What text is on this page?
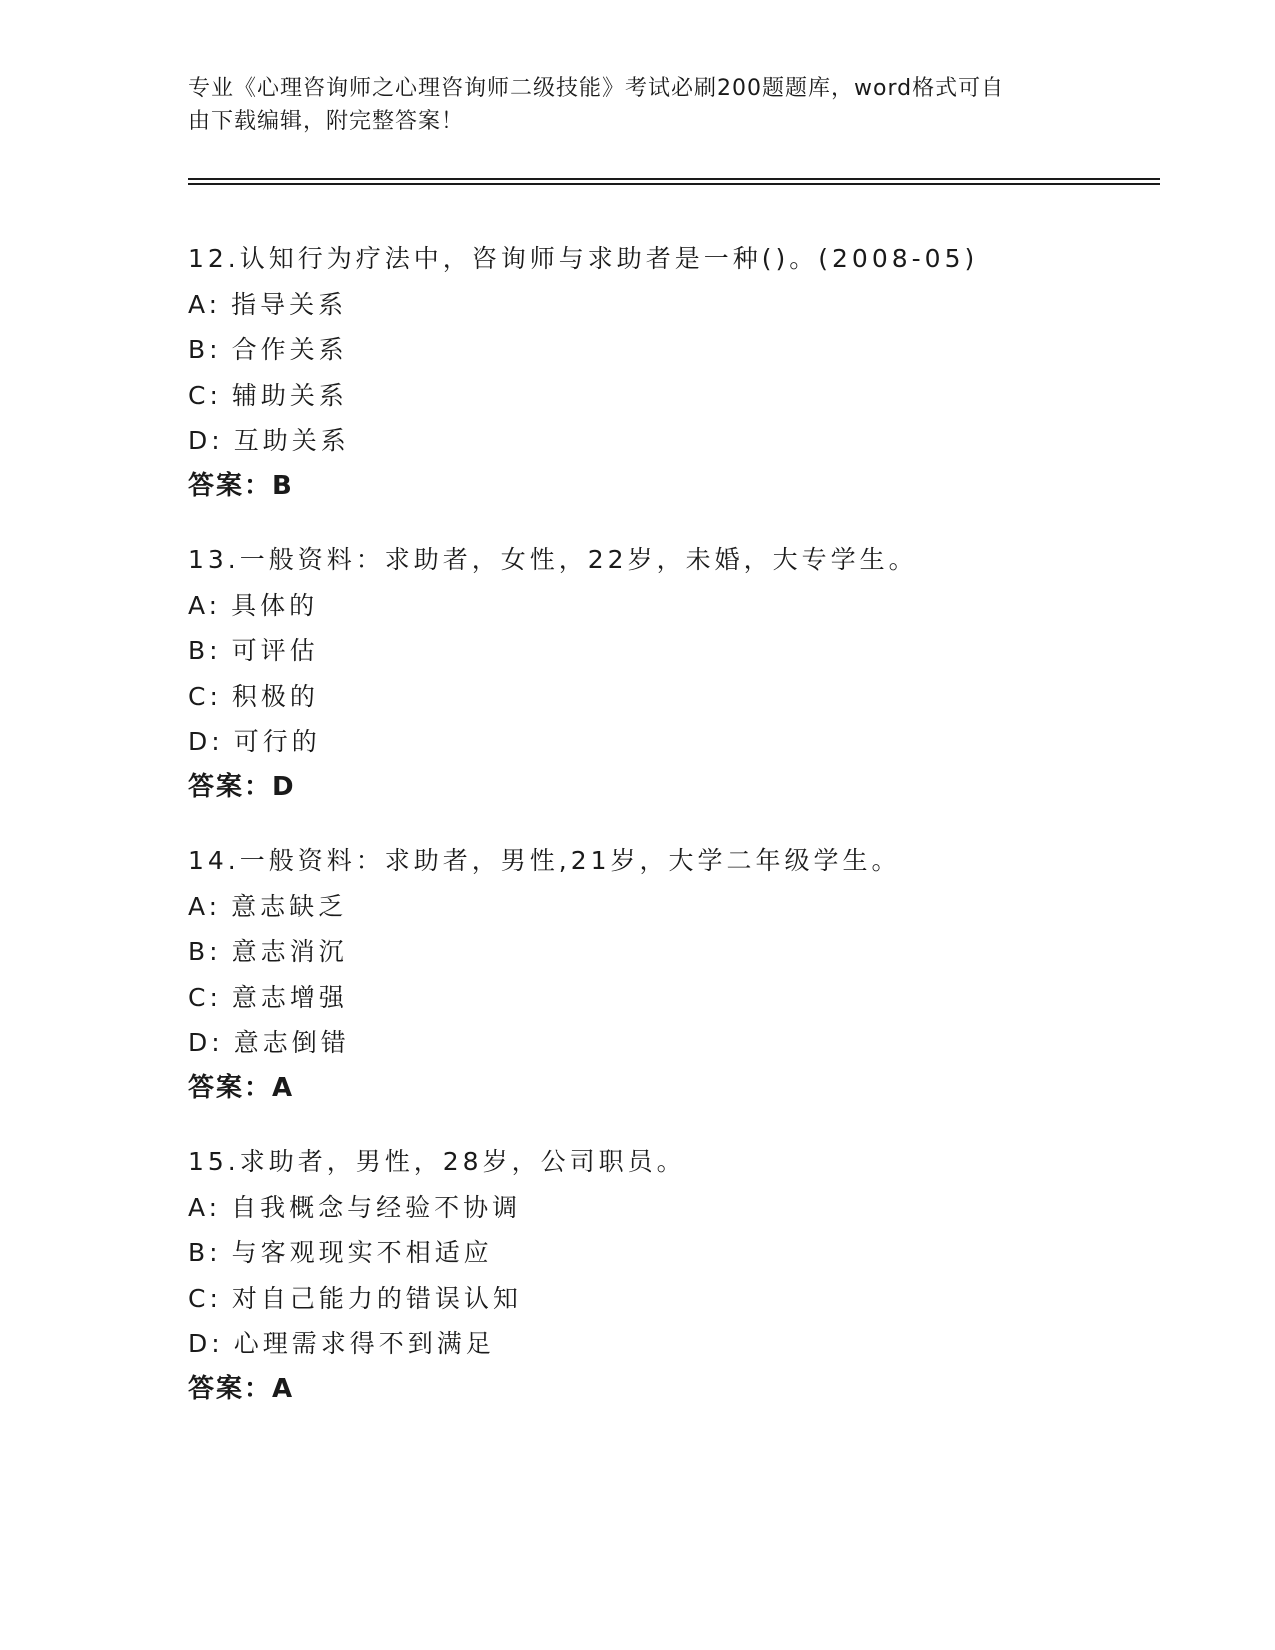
专业《心理咨询师之心理咨询师二级技能》考试必刷200题题库，word格式可自
由下载编辑，附完整答案！
12.认知行为疗法中，咨询师与求助者是一种()。(2008-05)
A: 指导关系
B: 合作关系
C: 辅助关系
D: 互助关系
答案：B
13.一般资料：求助者，女性，22岁，未婚，大专学生。
A: 具体的
B: 可评估
C: 积极的
D: 可行的
答案：D
14.一般资料：求助者，男性,21岁，大学二年级学生。
A: 意志缺乏
B: 意志消沉
C: 意志增强
D: 意志倒错
答案：A
15.求助者，男性，28岁，公司职员。
A: 自我概念与经验不协调
B: 与客观现实不相适应
C: 对自己能力的错误认知
D: 心理需求得不到满足
答案：A
